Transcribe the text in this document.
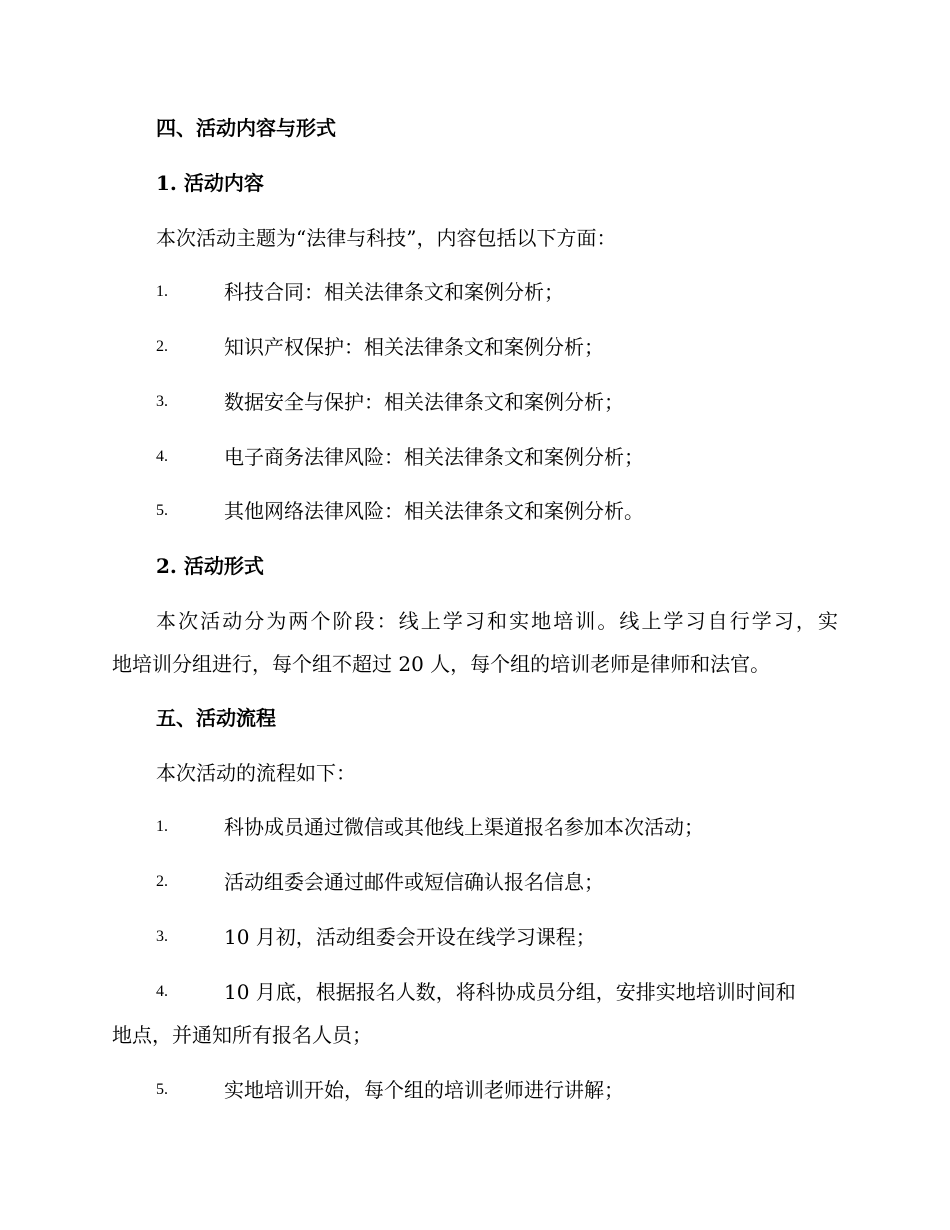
四、活动内容与形式
1. 活动内容
本次活动主题为“法律与科技”，内容包括以下方面：
1.	科技合同：相关法律条文和案例分析；
2.	知识产权保护：相关法律条文和案例分析；
3.	数据安全与保护：相关法律条文和案例分析；
4.	电子商务法律风险：相关法律条文和案例分析；
5.	其他网络法律风险：相关法律条文和案例分析。
2. 活动形式
本次活动分为两个阶段：线上学习和实地培训。线上学习自行学习，实
地培训分组进行，每个组不超过 20 人，每个组的培训老师是律师和法官。
五、活动流程
本次活动的流程如下：
1.	科协成员通过微信或其他线上渠道报名参加本次活动；
2.	活动组委会通过邮件或短信确认报名信息；
3.	10 月初，活动组委会开设在线学习课程；
4.	10 月底，根据报名人数，将科协成员分组，安排实地培训时间和
地点，并通知所有报名人员；
5.	实地培训开始，每个组的培训老师进行讲解；
